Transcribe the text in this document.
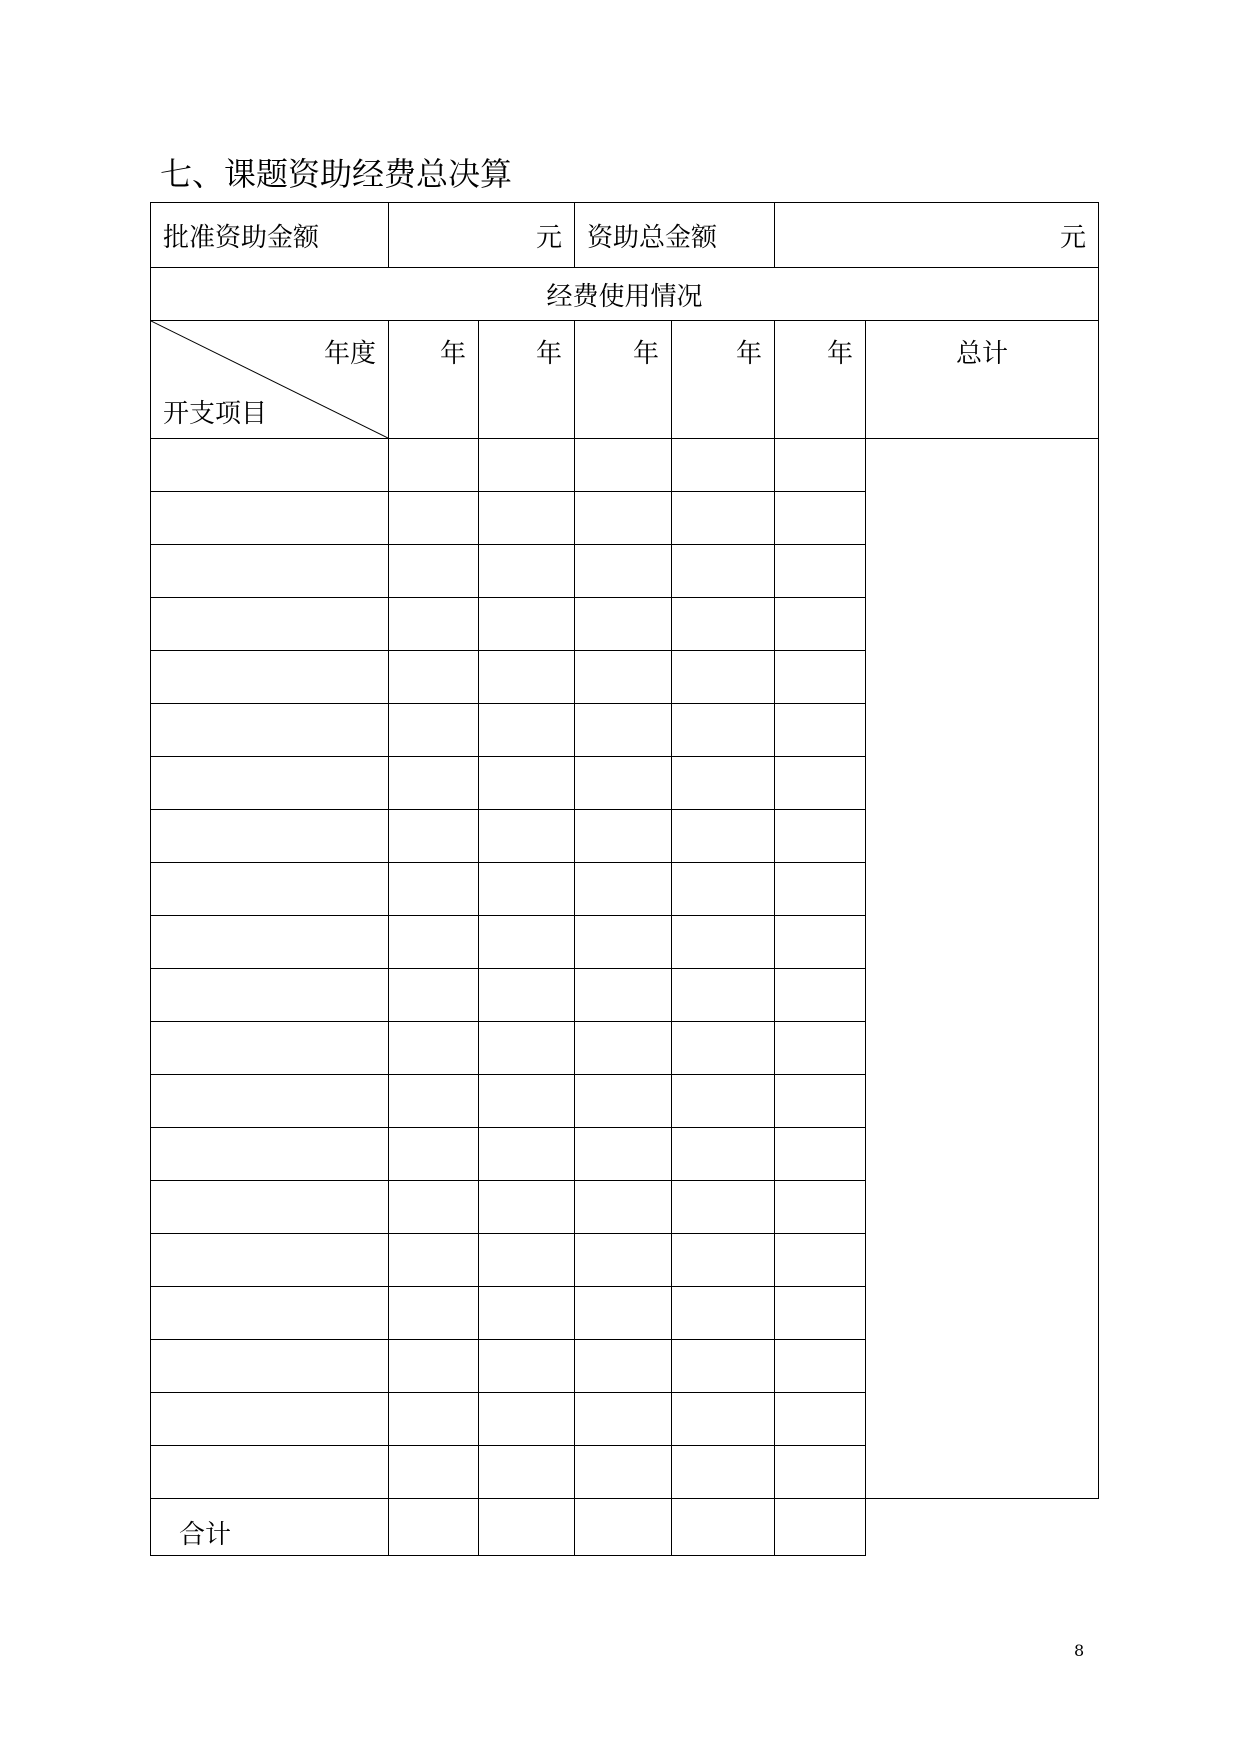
七、课题资助经费总决算
批准资助金额	元		资助总金额		元	
经费使用情况						

年度
开支项目	年	年	年	年	年	总计

合计						
8
